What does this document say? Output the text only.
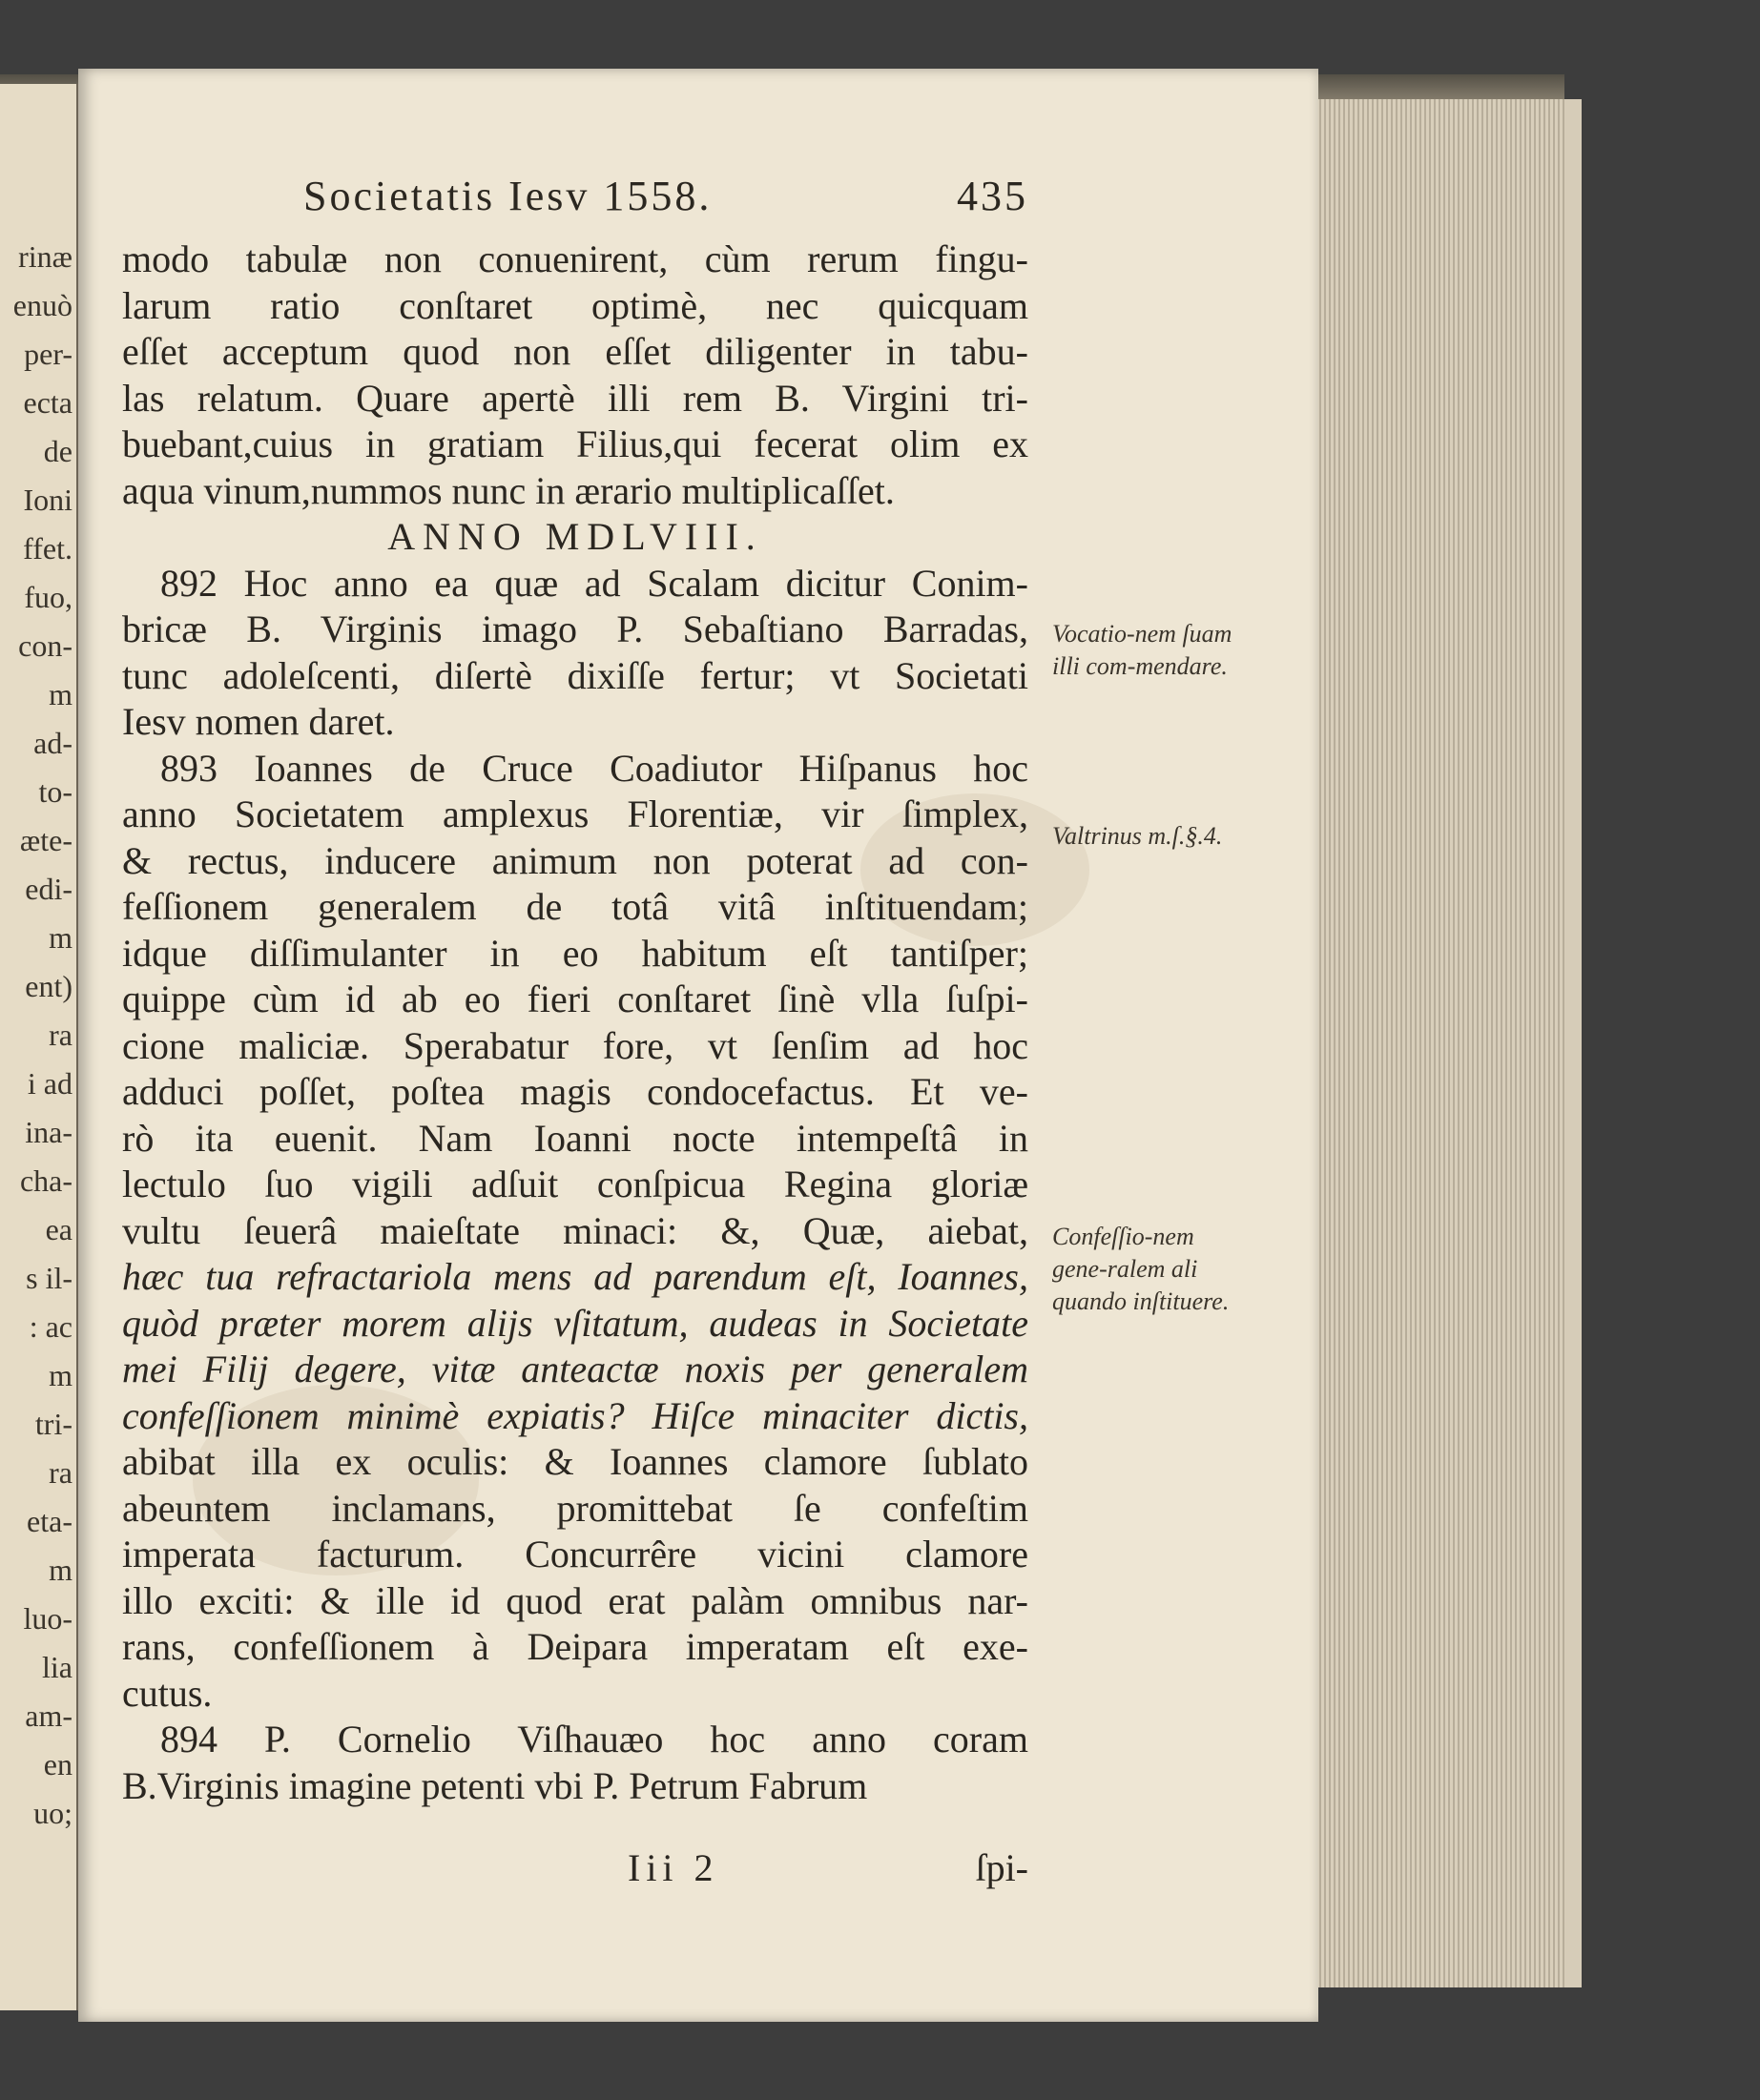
rinæ
enuò
per-
ecta
de
Ioni
ffet.
fuo,
con-
m
ad-
to-
æte-
edi-
m
ent)
ra
i ad
ina-
cha-
ea
s il-
: ac
m
tri-
ra
eta-
m
luo-
lia
am-
en
uo;
Societatis Iesv 1558.	435
modo tabulæ non conuenirent, cùm rerum fingu-
larum ratio conſtaret optimè, nec quicquam
eſſet acceptum quod non eſſet diligenter in tabu-
las relatum. Quare apertè illi rem B. Virgini tri-
buebant,cuius in gratiam Filius,qui fecerat olim ex
aqua vinum,nummos nunc in ærario multiplicaſſet.
ANNO MDLVIII.
892 Hoc anno ea quæ ad Scalam dicitur Conim-
bricæ B. Virginis imago P. Sebaſtiano Barradas,
tunc adoleſcenti, diſertè dixiſſe fertur; vt Societati
Iesv nomen daret.
893 Ioannes de Cruce Coadiutor Hiſpanus hoc
anno Societatem amplexus Florentiæ, vir ſimplex,
& rectus, inducere animum non poterat ad con-
feſſionem generalem de totâ vitâ inſtituendam;
idque diſſimulanter in eo habitum eſt tantiſper;
quippe cùm id ab eo fieri conſtaret ſinè vlla ſuſpi-
cione maliciæ. Sperabatur fore, vt ſenſim ad hoc
adduci poſſet, poſtea magis condocefactus. Et ve-
rò ita euenit. Nam Ioanni nocte intempeſtâ in
lectulo ſuo vigili adſuit conſpicua Regina gloriæ
vultu ſeuerâ maieſtate minaci: &, Quæ, aiebat,
hæc tua refractariola mens ad parendum eſt, Ioannes,
quòd præter morem alijs vſitatum, audeas in Societate
mei Filij degere, vitæ anteactæ noxis per generalem
confeſſionem minimè expiatis? Hiſce minaciter dictis,
abibat illa ex oculis: & Ioannes clamore ſublato
abeuntem inclamans, promittebat ſe confeſtim
imperata facturum. Concurrêre vicini clamore
illo exciti: & ille id quod erat palàm omnibus nar-
rans, confeſſionem à Deipara imperatam eſt exe-
cutus.
894 P. Cornelio Viſhauæo hoc anno coram
B.Virginis imagine petenti vbi P. Petrum Fabrum
Vocatio-nem ſuam illi com-mendare.
Valtrinus m.ſ.§.4.
Confeſſio-nem gene-ralem ali quando inſtituere.
Iii 2	ſpi-
